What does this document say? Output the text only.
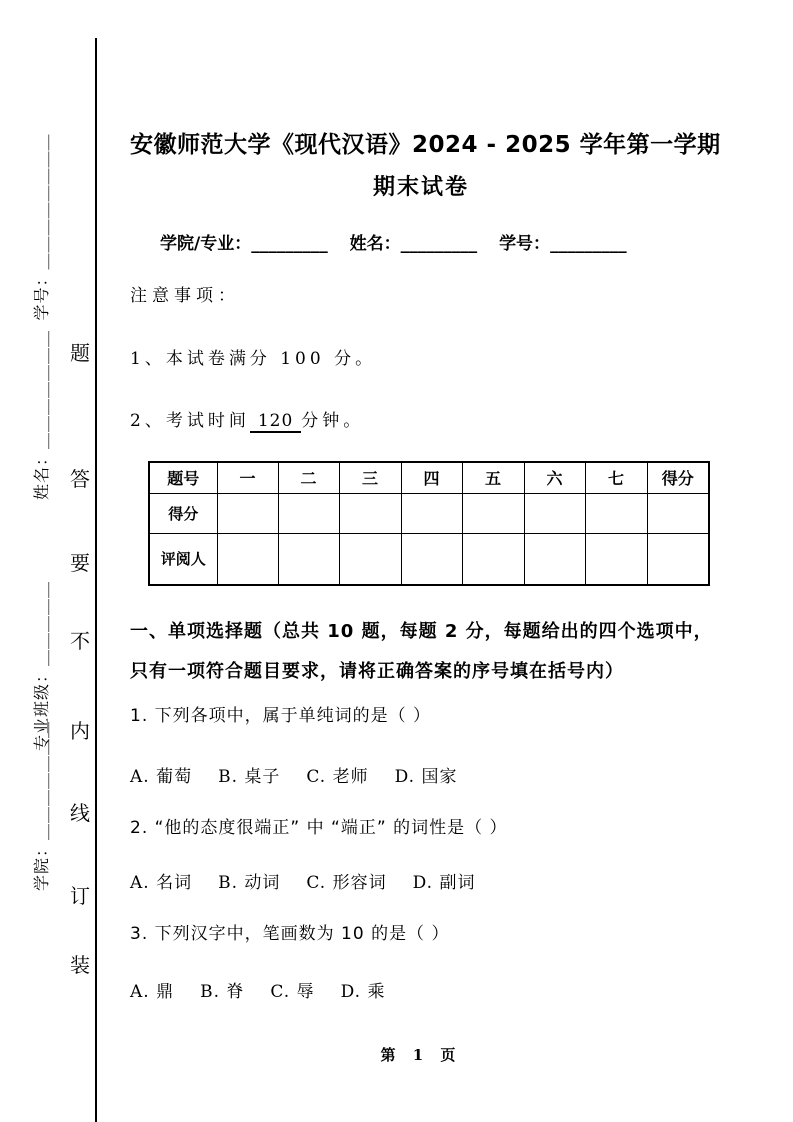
学号：＿＿＿＿＿＿＿＿
姓名：＿＿＿＿＿＿＿
专业班级：＿＿＿＿＿
学院：＿＿＿＿＿＿＿
题
答
要
不
内
线
订
装
安徽师范大学《现代汉语》2024 - 2025 学年第一学期
期末试卷
学院/专业：_________ 姓名：_________ 学号：_________
注意事项：
1、本试卷满分 100 分。
2、考试时间 120 分钟。
题号	一	二	三	四	五	六	七	得分
得分								
评阅人								
一、单项选择题（总共 10 题，每题 2 分，每题给出的四个选项中，只有一项符合题目要求，请将正确答案的序号填在括号内）
1. 下列各项中，属于单纯词的是（ ）
A. 葡萄 B. 桌子 C. 老师 D. 国家
2. “他的态度很端正” 中 “端正” 的词性是（ ）
A. 名词 B. 动词 C. 形容词 D. 副词
3. 下列汉字中，笔画数为 10 的是（ ）
A. 鼎 B. 脊 C. 辱 D. 乘
第 1 页
